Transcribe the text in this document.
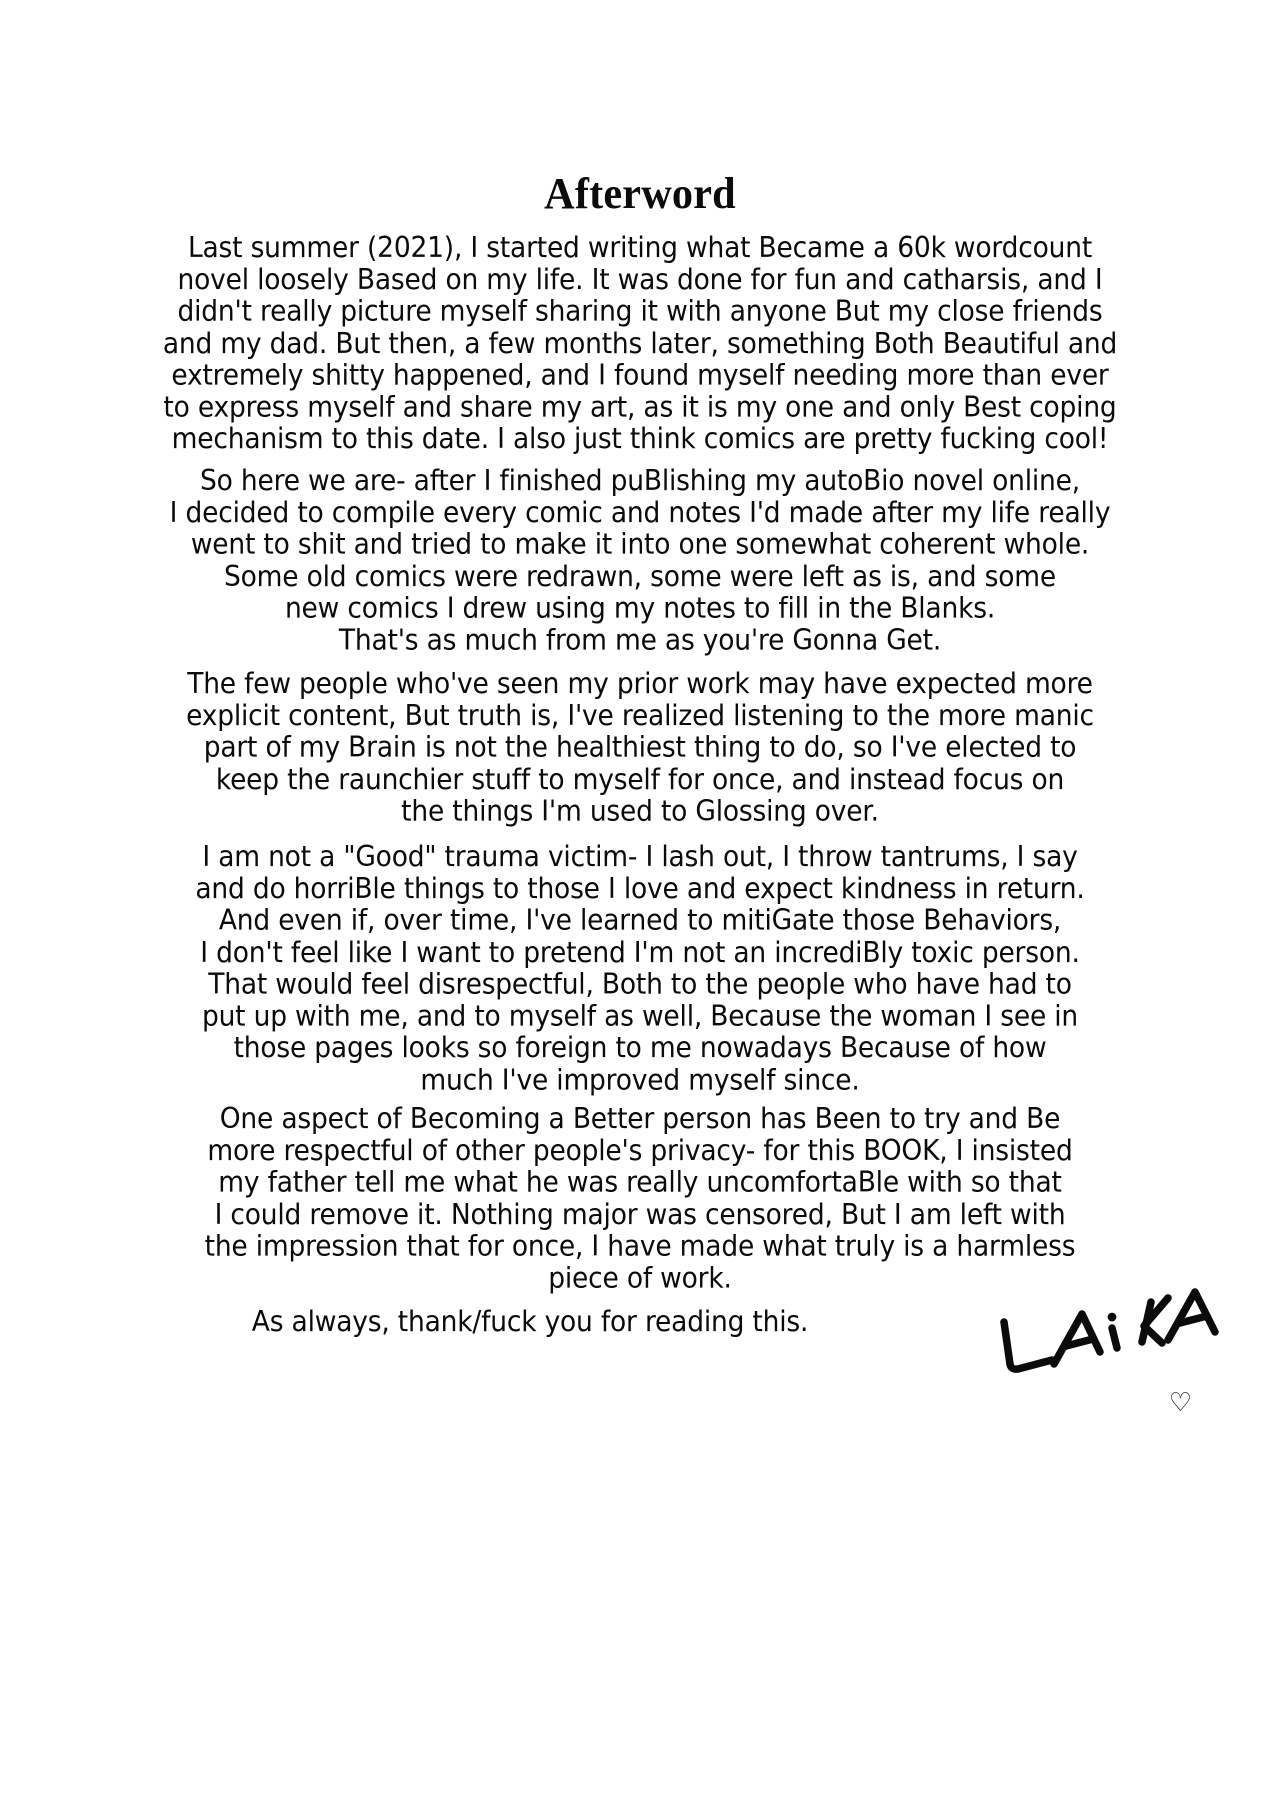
Afterword

Last summer (2021), I started writing what Became a 60k wordcount
novel loosely Based on my life. It was done for fun and catharsis, and I
didn't really picture myself sharing it with anyone But my close friends
and my dad. But then, a few months later, something Both Beautiful and
extremely shitty happened, and I found myself needing more than ever
to express myself and share my art, as it is my one and only Best coping
mechanism to this date. I also just think comics are pretty fucking cool!

So here we are- after I finished puBlishing my autoBio novel online,
I decided to compile every comic and notes I'd made after my life really
went to shit and tried to make it into one somewhat coherent whole.
Some old comics were redrawn, some were left as is, and some
new comics I drew using my notes to fill in the Blanks.
That's as much from me as you're Gonna Get.

The few people who've seen my prior work may have expected more
explicit content, But truth is, I've realized listening to the more manic
part of my Brain is not the healthiest thing to do, so I've elected to
keep the raunchier stuff to myself for once, and instead focus on
the things I'm used to Glossing over.

I am not a "Good" trauma victim- I lash out, I throw tantrums, I say
and do horriBle things to those I love and expect kindness in return.
And even if, over time, I've learned to mitiGate those Behaviors,
I don't feel like I want to pretend I'm not an incrediBly toxic person.
That would feel disrespectful, Both to the people who have had to
put up with me, and to myself as well, Because the woman I see in
those pages looks so foreign to me nowadays Because of how
much I've improved myself since.

One aspect of Becoming a Better person has Been to try and Be
more respectful of other people's privacy- for this BOOK, I insisted
my father tell me what he was really uncomfortaBle with so that
I could remove it. Nothing major was censored, But I am left with
the impression that for once, I have made what truly is a harmless
piece of work.

As always, thank/fuck you for reading this.
♡
